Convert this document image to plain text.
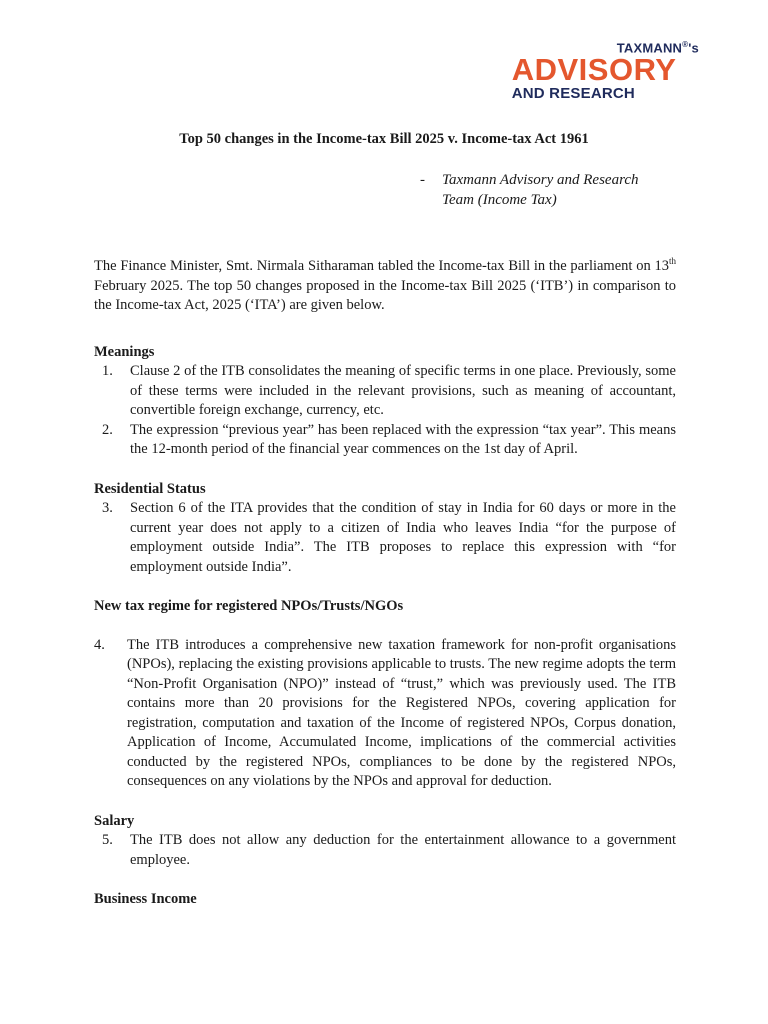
TAXMANN®'s
ADVISORY
AND RESEARCH
Top 50 changes in the Income-tax Bill 2025 v. Income-tax Act 1961
- Taxmann Advisory and Research
Team (Income Tax)

The Finance Minister, Smt. Nirmala Sitharaman tabled the Income-tax Bill in the parliament on 13th February 2025. The top 50 changes proposed in the Income-tax Bill 2025 (‘ITB’) in comparison to the Income-tax Act, 2025 (‘ITA’) are given below.

Meanings
1.	Clause 2 of the ITB consolidates the meaning of specific terms in one place. Previously, some of these terms were included in the relevant provisions, such as meaning of accountant, convertible foreign exchange, currency, etc.
2.	The expression “previous year” has been replaced with the expression “tax year”. This means the 12-month period of the financial year commences on the 1st day of April.
Residential Status
3.	Section 6 of the ITA provides that the condition of stay in India for 60 days or more in the current year does not apply to a citizen of India who leaves India “for the purpose of employment outside India”. The ITB proposes to replace this expression with “for employment outside India”.
New tax regime for registered NPOs/Trusts/NGOs
4.	The ITB introduces a comprehensive new taxation framework for non-profit organisations (NPOs), replacing the existing provisions applicable to trusts. The new regime adopts the term “Non-Profit Organisation (NPO)” instead of “trust,” which was previously used. The ITB contains more than 20 provisions for the Registered NPOs, covering application for registration, computation and taxation of the Income of registered NPOs, Corpus donation, Application of Income, Accumulated Income, implications of the commercial activities conducted by the registered NPOs, compliances to be done by the registered NPOs, consequences on any violations by the NPOs and approval for deduction.
Salary
5.	The ITB does not allow any deduction for the entertainment allowance to a government employee.
Business Income
